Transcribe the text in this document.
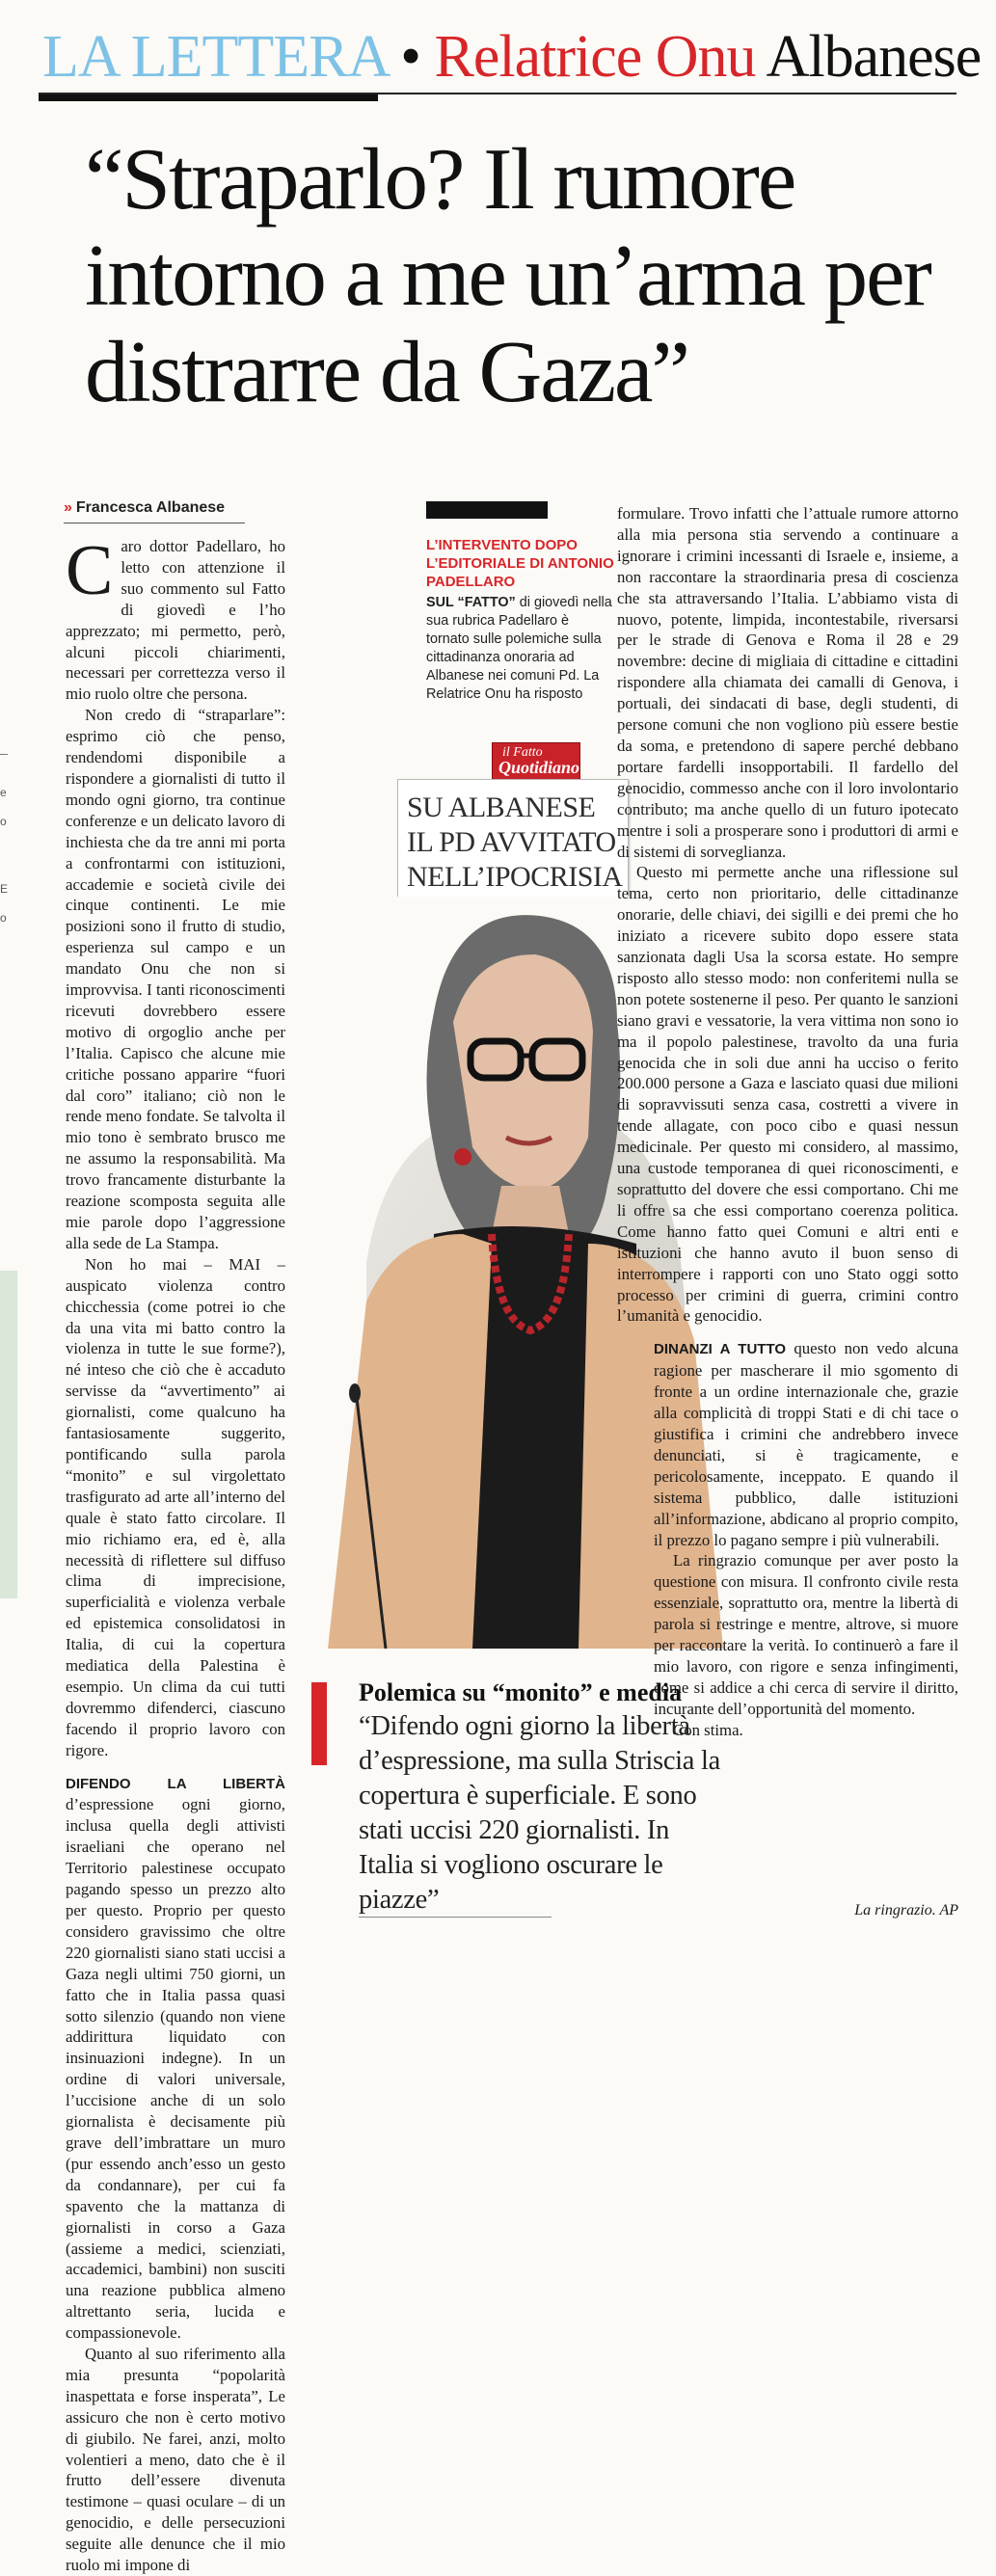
LA LETTERA • Relatrice Onu Albanese
“Straparlo? Il rumore intorno a me un’arma per distrarre da Gaza”
» Francesca Albanese

Caro dottor Padellaro, ho letto con attenzione il suo commento sul Fatto di giovedì e l’ho apprezzato; mi permetto, però, alcuni piccoli chiarimenti, necessari per correttezza verso il mio ruolo oltre che persona.

Non credo di “straparlare”: esprimo ciò che penso, rendendomi disponibile a rispondere a giornalisti di tutto il mondo ogni giorno, tra continue conferenze e un delicato lavoro di inchiesta che da tre anni mi porta a confrontarmi con istituzioni, accademie e società civile dei cinque continenti. Le mie posizioni sono il frutto di studio, esperienza sul campo e un mandato Onu che non si improvvisa. I tanti riconoscimenti ricevuti dovrebbero essere motivo di orgoglio anche per l’Italia. Capisco che alcune mie critiche possano apparire “fuori dal coro” italiano; ciò non le rende meno fondate. Se talvolta il mio tono è sembrato brusco me ne assumo la responsabilità. Ma trovo francamente disturbante la reazione scomposta seguita alle mie parole dopo l’aggressione alla sede de La Stampa.

Non ho mai – MAI – auspicato violenza contro chicchessia (come potrei io che da una vita mi batto contro la violenza in tutte le sue forme?), né inteso che ciò che è accaduto servisse da “avvertimento” ai giornalisti, come qualcuno ha fantasiosamente suggerito, pontificando sulla parola “monito” e sul virgolettato trasfigurato ad arte all’interno del quale è stato fatto circolare. Il mio richiamo era, ed è, alla necessità di riflettere sul diffuso clima di imprecisione, superficialità e violenza verbale ed epistemica consolidatosi in Italia, di cui la copertura mediatica della Palestina è esempio. Un clima da cui tutti dovremmo difenderci, ciascuno facendo il proprio lavoro con rigore.

DIFENDO LA LIBERTÀ d’espressione ogni giorno, inclusa quella degli attivisti israeliani che operano nel Territorio palestinese occupato pagando spesso un prezzo alto per questo. Proprio per questo considero gravissimo che oltre 220 giornalisti siano stati uccisi a Gaza negli ultimi 750 giorni, un fatto che in Italia passa quasi sotto silenzio (quando non viene addirittura liquidato con insinuazioni indegne). In un ordine di valori universale, l’uccisione anche di un solo giornalista è decisamente più grave dell’imbrattare un muro (pur essendo anch’esso un gesto da condannare), per cui fa spavento che la mattanza di giornalisti in corso a Gaza (assieme a medici, scienziati, accademici, bambini) non susciti una reazione pubblica almeno altrettanto seria, lucida e compassionevole.

Quanto al suo riferimento alla mia presunta “popolarità inaspettata e forse insperata”, Le assicuro che non è certo motivo di giubilo. Ne farei, anzi, molto volentieri a meno, dato che è il frutto dell’essere divenuta testimone – quasi oculare – di un genocidio, e delle persecuzioni seguite alle denunce che il mio ruolo mi impone di

L’INTERVENTO DOPO L’EDITORIALE DI ANTONIO PADELLARO
SUL “FATTO” di giovedì nella sua rubrica Padellaro è tornato sulle polemiche sulla cittadinanza onoraria ad Albanese nei comuni Pd. La Relatrice Onu ha risposto
il Fatto
Quotidiano
SU ALBANESE IL PD AVVITATO NELL’IPOCRISIA

formulare. Trovo infatti che l’attuale rumore attorno alla mia persona stia servendo a continuare a ignorare i crimini incessanti di Israele e, insieme, a non raccontare la straordinaria presa di coscienza che sta attraversando l’Italia. L’abbiamo vista di nuovo, potente, limpida, incontestabile, riversarsi per le strade di Genova e Roma il 28 e 29 novembre: decine di migliaia di cittadine e cittadini rispondere alla chiamata dei camalli di Genova, i portuali, dei sindacati di base, degli studenti, di persone comuni che non vogliono più essere bestie da soma, e pretendono di sapere perché debbano portare fardelli insopportabili. Il fardello del genocidio, commesso anche con il loro involontario contributo; ma anche quello di un futuro ipotecato mentre i soli a prosperare sono i produttori di armi e di sistemi di sorveglianza.

Questo mi permette anche una riflessione sul tema, certo non prioritario, delle cittadinanze onorarie, delle chiavi, dei sigilli e dei premi che ho iniziato a ricevere subito dopo essere stata sanzionata dagli Usa la scorsa estate. Ho sempre risposto allo stesso modo: non conferitemi nulla se non potete sostenerne il peso. Per quanto le sanzioni siano gravi e vessatorie, la vera vittima non sono io ma il popolo palestinese, travolto da una furia genocida che in soli due anni ha ucciso o ferito 200.000 persone a Gaza e lasciato quasi due milioni di sopravvissuti senza casa, costretti a vivere in tende allagate, con poco cibo e quasi nessun medicinale. Per questo mi considero, al massimo, una custode temporanea di quei riconoscimenti, e soprattutto del dovere che essi comportano. Chi me li offre sa che essi comportano coerenza politica. Come hanno fatto quei Comuni e altri enti e istituzioni che hanno avuto il buon senso di interrompere i rapporti con uno Stato oggi sotto processo per crimini di guerra, crimini contro l’umanità e genocidio.

DINANZI A TUTTO questo non vedo alcuna ragione per mascherare il mio sgomento di fronte a un ordine internazionale che, grazie alla complicità di troppi Stati e di chi tace o giustifica i crimini che andrebbero invece denunciati, si è tragicamente, e pericolosamente, inceppato. E quando il sistema pubblico, dalle istituzioni all’informazione, abdicano al proprio compito, il prezzo lo pagano sempre i più vulnerabili.

La ringrazio comunque per aver posto la questione con misura. Il confronto civile resta essenziale, soprattutto ora, mentre la libertà di parola si restringe e mentre, altrove, si muore per raccontare la verità. Io continuerò a fare il mio lavoro, con rigore e senza infingimenti, come si addice a chi cerca di servire il diritto, incurante dell’opportunità del momento.

Con stima.

Polemica su “monito” e media
“Difendo ogni giorno la libertà d’espressione, ma sulla Striscia la copertura è superficiale. E sono stati uccisi 220 giornalisti. In Italia si vogliono oscurare le piazze”	La ringrazio. AP
e
o
E
o
